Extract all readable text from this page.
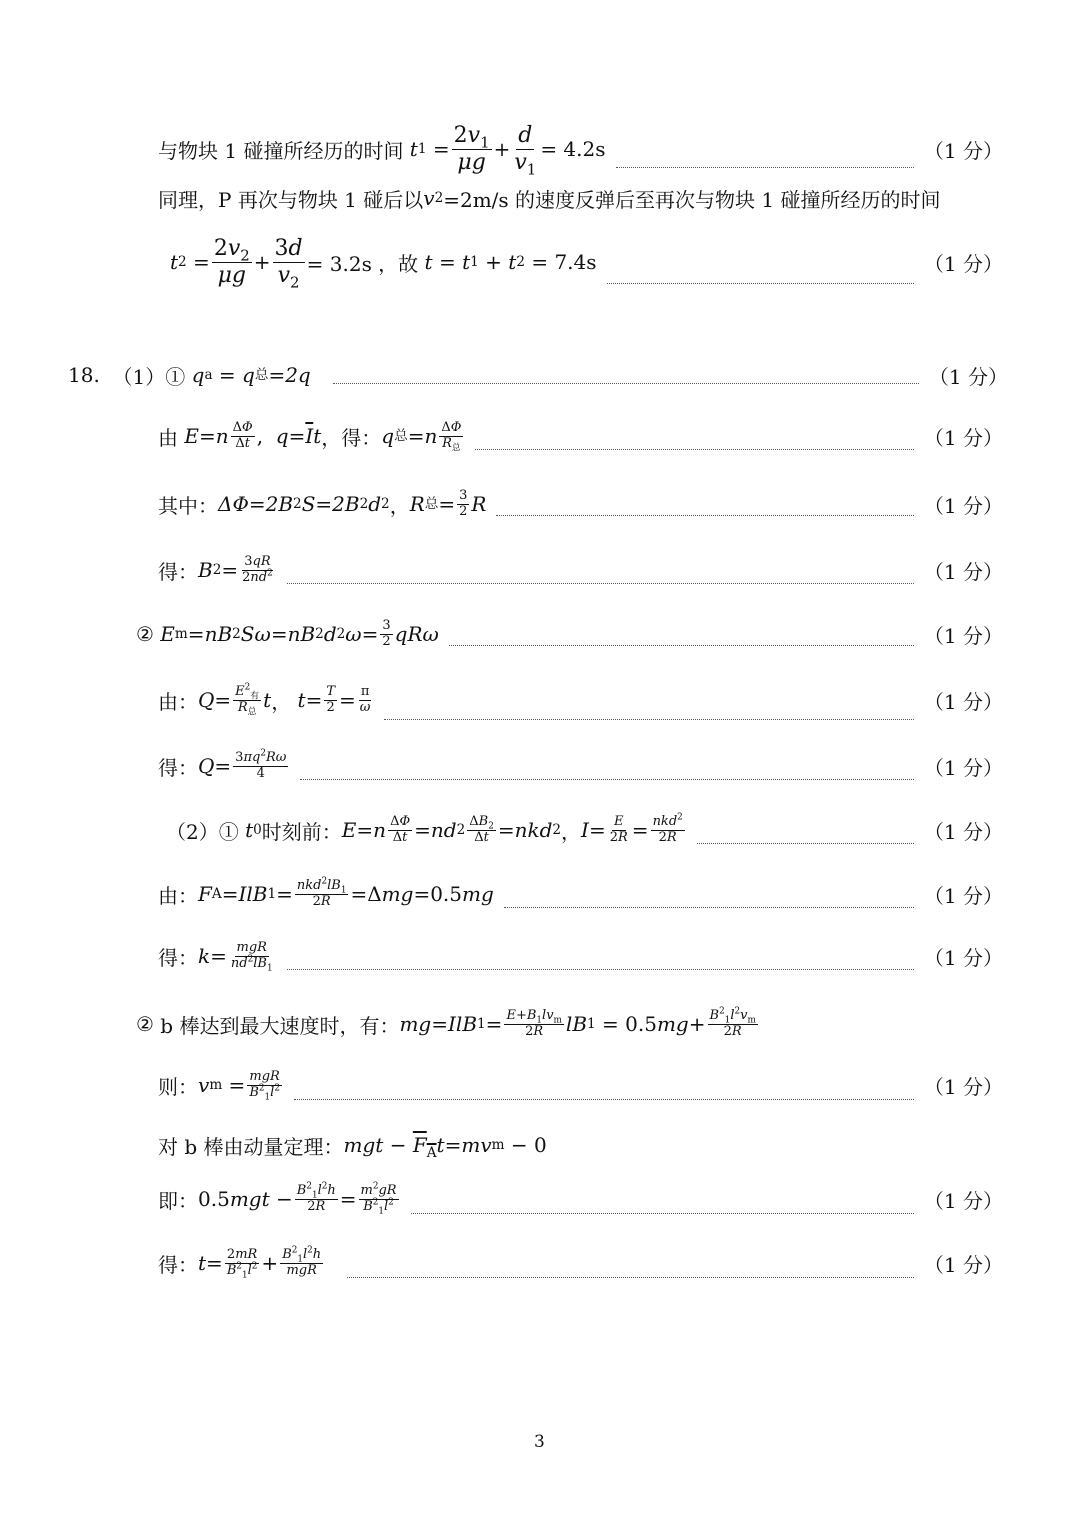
与物块 1 碰撞所经历的时间 t $1 = \frac{2v_1}{\mu g} + \frac{d}{v_1} = 4.2s$	（1 分）
同理，P 再次与物块 1 碰后以 v 2 =2m/s 的速度反弹后至再次与物块 1 碰撞所经历的时间
t $2 = \frac{2v_2}{\mu g} + \frac{3d}{v_2} = 3.2s$ ，故 t = t 1 + t 2
= 7.4s	（1 分）
18.
（1）①
q a = q 总 =2q	（1 分）
由
E = n $\frac{\Delta\Phi}{\Delta t}$ , $q = \overline{I}$ t ，得： q 总 = n $\frac{\Delta\Phi}{R_总}$	（1 分）
其中： ΔΦ=2B 2 S=2B 2 d 2 ， R 总 = $\frac{3}{2}$ R	（1 分）
得： B $2 = \frac{3qR}{2nd^2}$	（1 分）
②
E m = nB 2 Sω = nB 2 d 2 $\omega = \frac{3}{2}$ qRω	（1 分）
由 ： $Q = \frac{E^2_有}{R_总}$ t ， $t = \frac{T}{2} = \frac{\pi}{\omega}$	（1 分）
得： $Q = \frac{3\pi q^2R\omega}{4}$	（1 分）
（2）①
t 0 时刻前： E = n $\frac{\Delta\Phi}{\Delta t}$ = nd $2 \frac{\Delta B_2}{\Delta t}$ = nkd 2 ， $I = \frac{E}{2R} = \frac{nkd^2}{2R}$	（1 分）
由 ： F A = IlB $1 = \frac{nkd^2lB_1}{2R} =\Delta$ mg =0.5 mg	（1 分）
得： $k = \frac{\text{mgR}}{nd^2lB_1}$	（1 分）
②
b 棒达到最大速度时，有： mg = IlB $1 = \frac{E+B_1lv_m}{2R}$ lB 1 = 0.5 mg + $\frac{B^2_1l^2v_m}{2R}$
则： v $m = \frac{\text{mgR}}{B^2_1l^2}$	（1 分）
对 b 棒由动量定理： mgt − $F_A$ t = mv m − 0
即： 0.5 mgt − $\frac{B^2_1l^2h}{2R} = \frac{m^2gR}{B^2_1l^2}$	（1 分）
得： $t = \frac{2mR}{B^2_1l^2} + \frac{B^2_1l^2h}{\text{mgR}}$	（1 分）
3
